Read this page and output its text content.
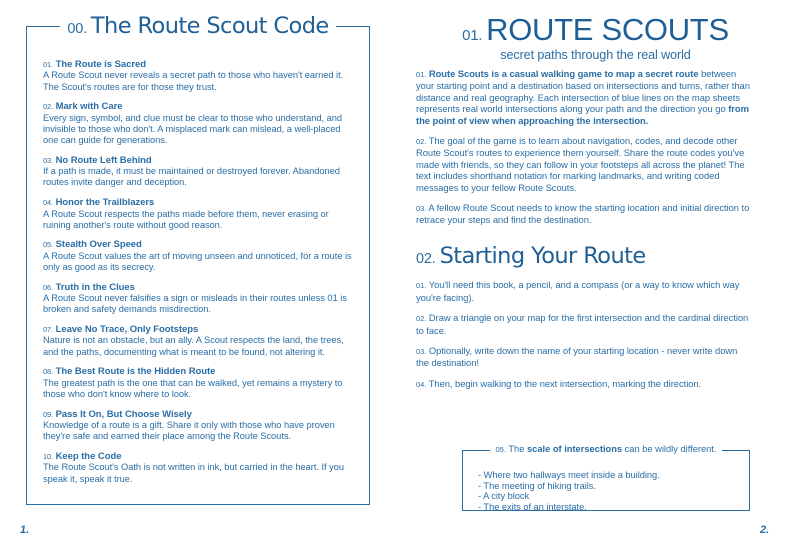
00. The Route Scout Code
01. The Route is Sacred
A Route Scout never reveals a secret path to those who haven't earned it. The Scout's routes are for those they trust.
02. Mark with Care
Every sign, symbol, and clue must be clear to those who understand, and invisible to those who don't. A misplaced mark can mislead, a well-placed one can guide for generations.
03. No Route Left Behind
If a path is made, it must be maintained or destroyed forever. Abandoned routes invite danger and deception.
04. Honor the Trailblazers
A Route Scout respects the paths made before them, never erasing or ruining another's route without good reason.
05. Stealth Over Speed
A Route Scout values the art of moving unseen and unnoticed, for a route is only as good as its secrecy.
06. Truth in the Clues
A Route Scout never falsifies a sign or misleads in their routes unless 01 is broken and safety demands misdirection.
07. Leave No Trace, Only Footsteps
Nature is not an obstacle, but an ally. A Scout respects the land, the trees, and the paths, documenting what is meant to be found, not altering it.
08. The Best Route is the Hidden Route
The greatest path is the one that can be walked, yet remains a mystery to those who don't know where to look.
09. Pass It On, But Choose Wisely
Knowledge of a route is a gift. Share it only with those who have proven they're safe and earned their place among the Route Scouts.
10. Keep the Code
The Route Scout's Oath is not written in ink, but carried in the heart. If you speak it, speak it true.
1.
01. ROUTE SCOUTS
secret paths through the real world
01. Route Scouts is a casual walking game to map a secret route between your starting point and a destination based on intersections and turns, rather than distance and real geography. Each intersection of blue lines on the map sheets represents real world intersections along your path and the direction you go from the point of view when approaching the intersection.
02. The goal of the game is to learn about navigation, codes, and decode other Route Scout's routes to experience them yourself. Share the route codes you've made with friends, so they can follow in your footsteps all across the planet! The text includes shorthand notation for marking landmarks, and writing coded messages to your fellow Route Scouts.
03. A fellow Route Scout needs to know the starting location and initial direction to retrace your steps and find the destination.
02. Starting Your Route
01. You'll need this book, a pencil, and a compass (or a way to know which way you're facing).
02. Draw a triangle on your map for the first intersection and the cardinal direction to face.
03. Optionally, write down the name of your starting location - never write down the destination!
04. Then, begin walking to the next intersection, marking the direction.
05. The scale of intersections can be wildly different.
- Where two hallways meet inside a building.
- The meeting of hiking trails.
- A city block
- The exits of an interstate.
2.
